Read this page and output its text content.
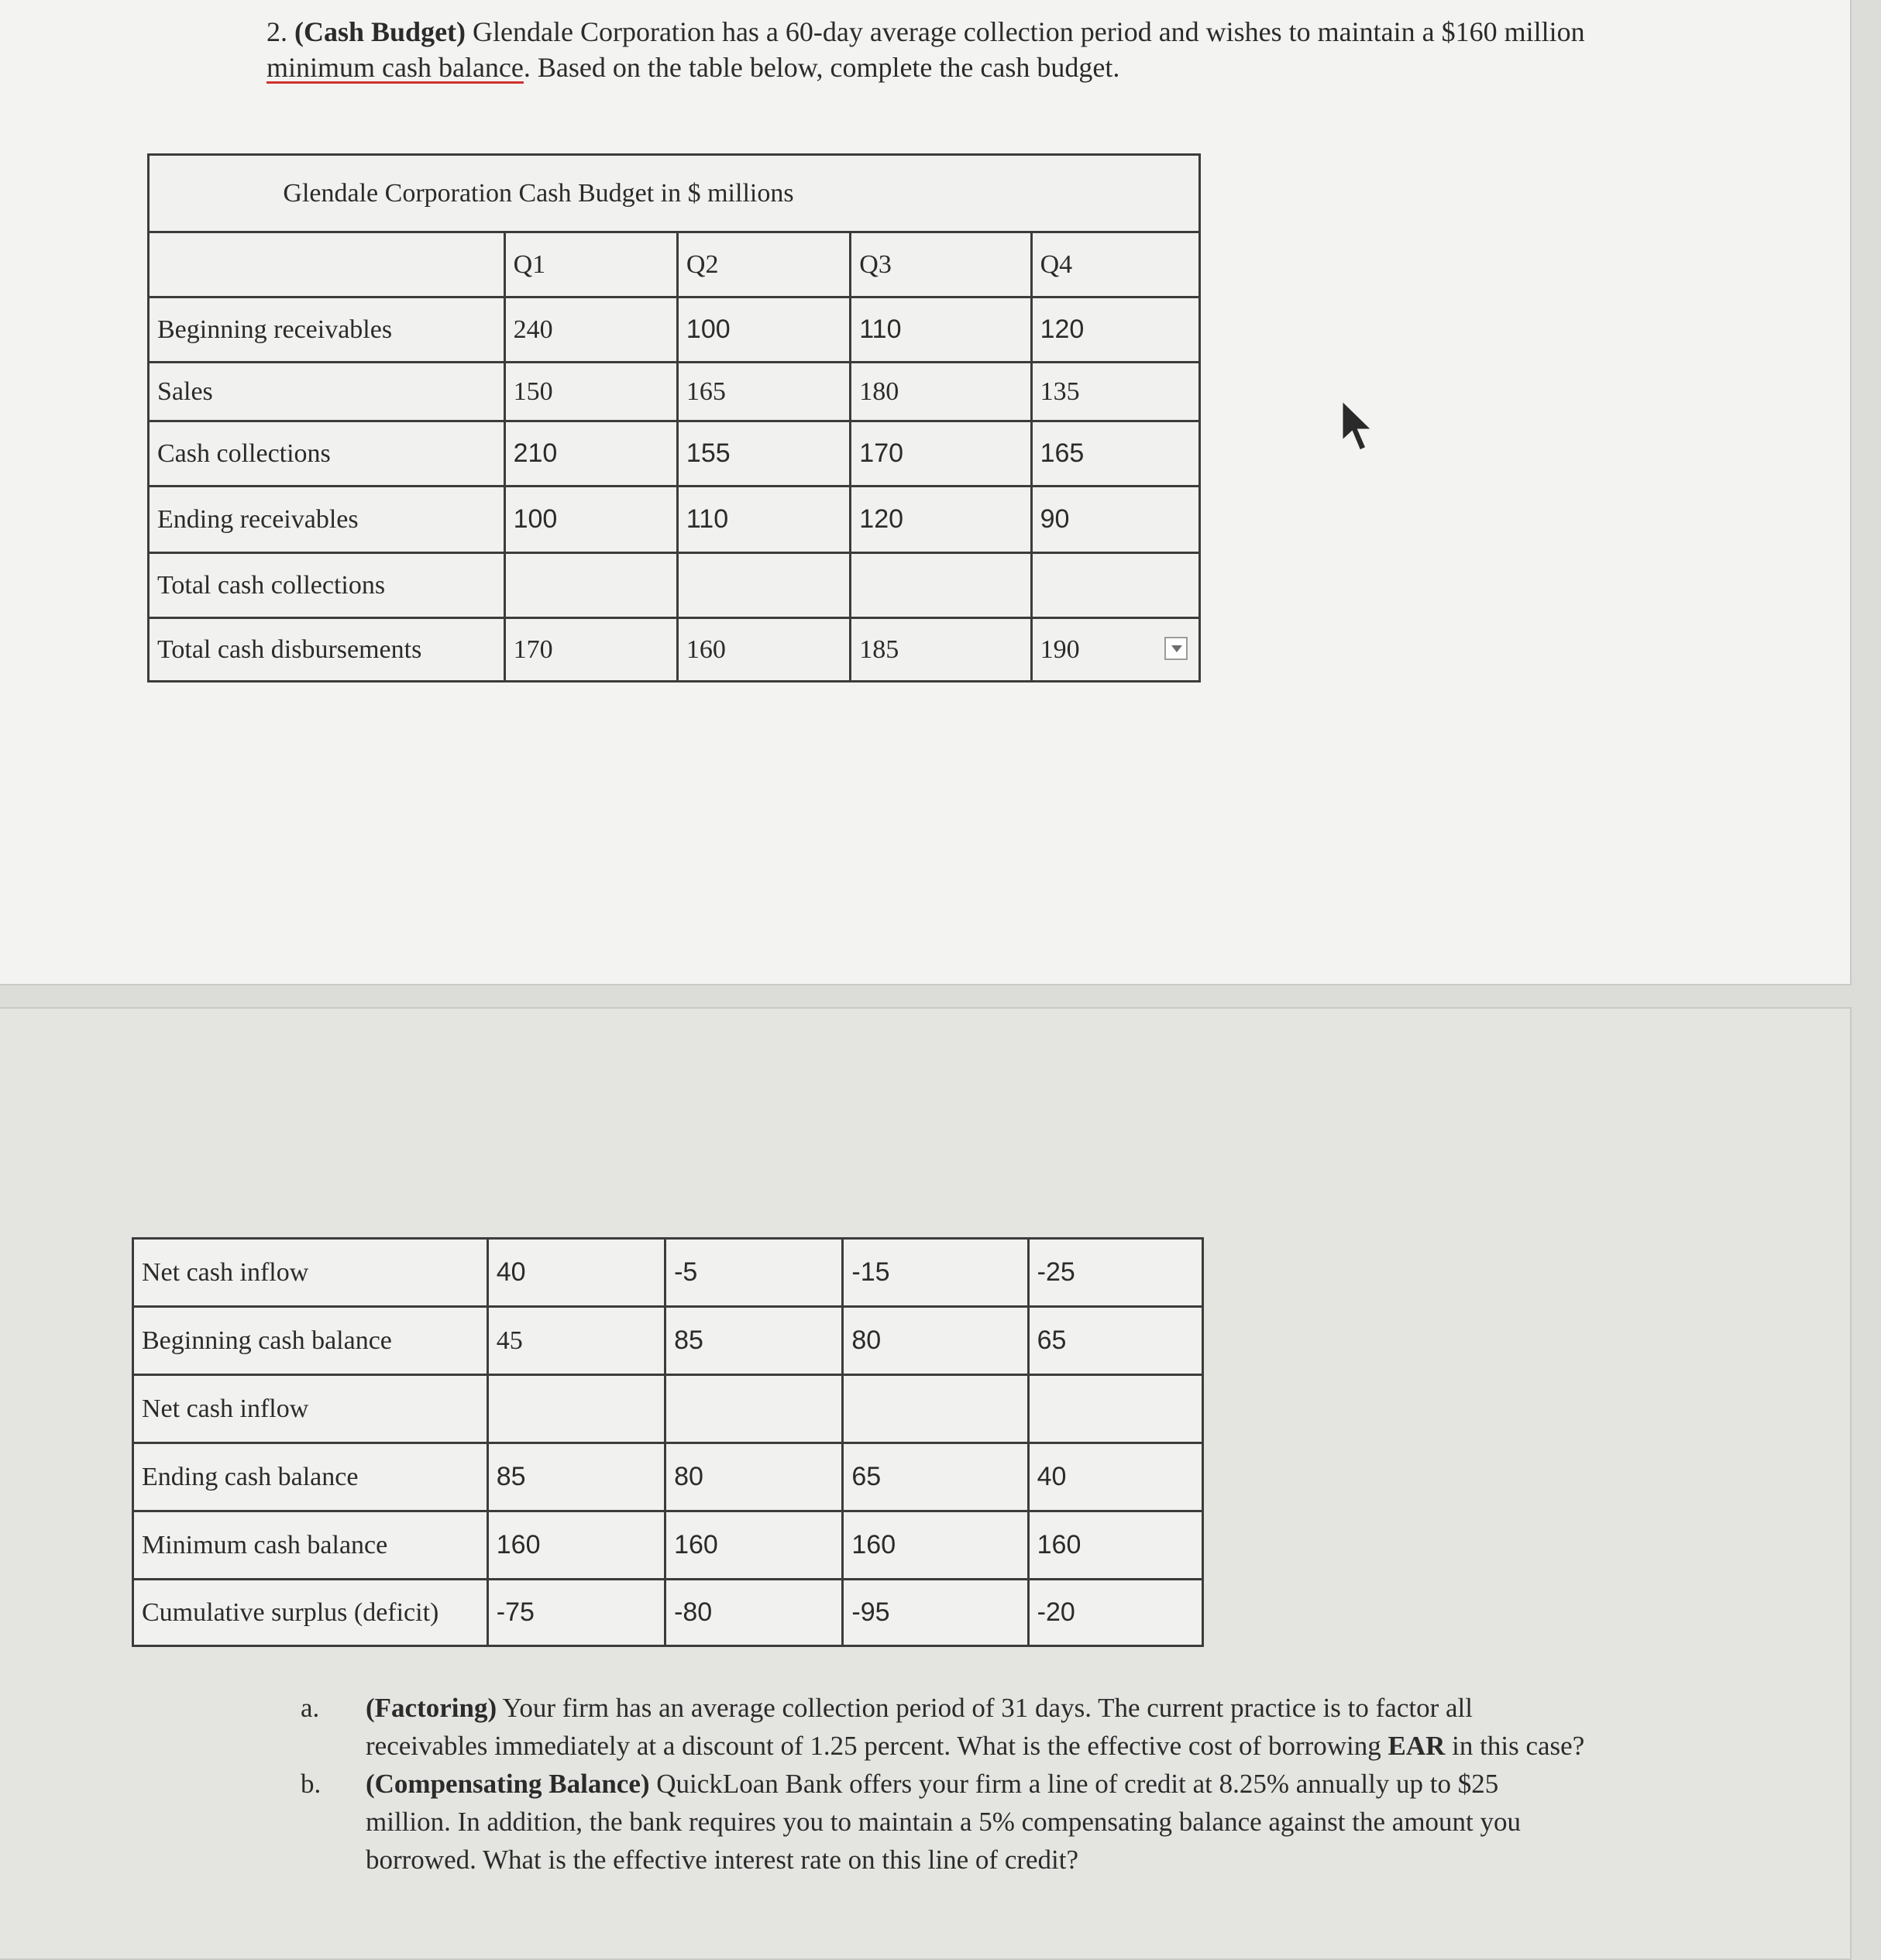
2. (Cash Budget) Glendale Corporation has a 60-day average collection period and wishes to maintain a $160 million minimum cash balance. Based on the table below, complete the cash budget.
Glendale Corporation Cash Budget in $ millions				
	Q1	Q2	Q3	Q4
Beginning receivables	240	100	110	120
Sales	150	165	180	135
Cash collections	210	155	170	165
Ending receivables	100	110	120	90
Total cash collections				
Total cash disbursements	170	160	185	190
Net cash inflow	40	-5	-15	-25
Beginning cash balance	45	85	80	65
Net cash inflow				
Ending cash balance	85	80	65	40
Minimum cash balance	160	160	160	160
Cumulative surplus (deficit)	-75	-80	-95	-20
a.	(Factoring) Your firm has an average collection period of 31 days. The current practice is to factor all receivables immediately at a discount of 1.25 percent. What is the effective cost of borrowing EAR in this case?
b.	(Compensating Balance) QuickLoan Bank offers your firm a line of credit at 8.25% annually up to $25 million. In addition, the bank requires you to maintain a 5% compensating balance against the amount you borrowed. What is the effective interest rate on this line of credit?
